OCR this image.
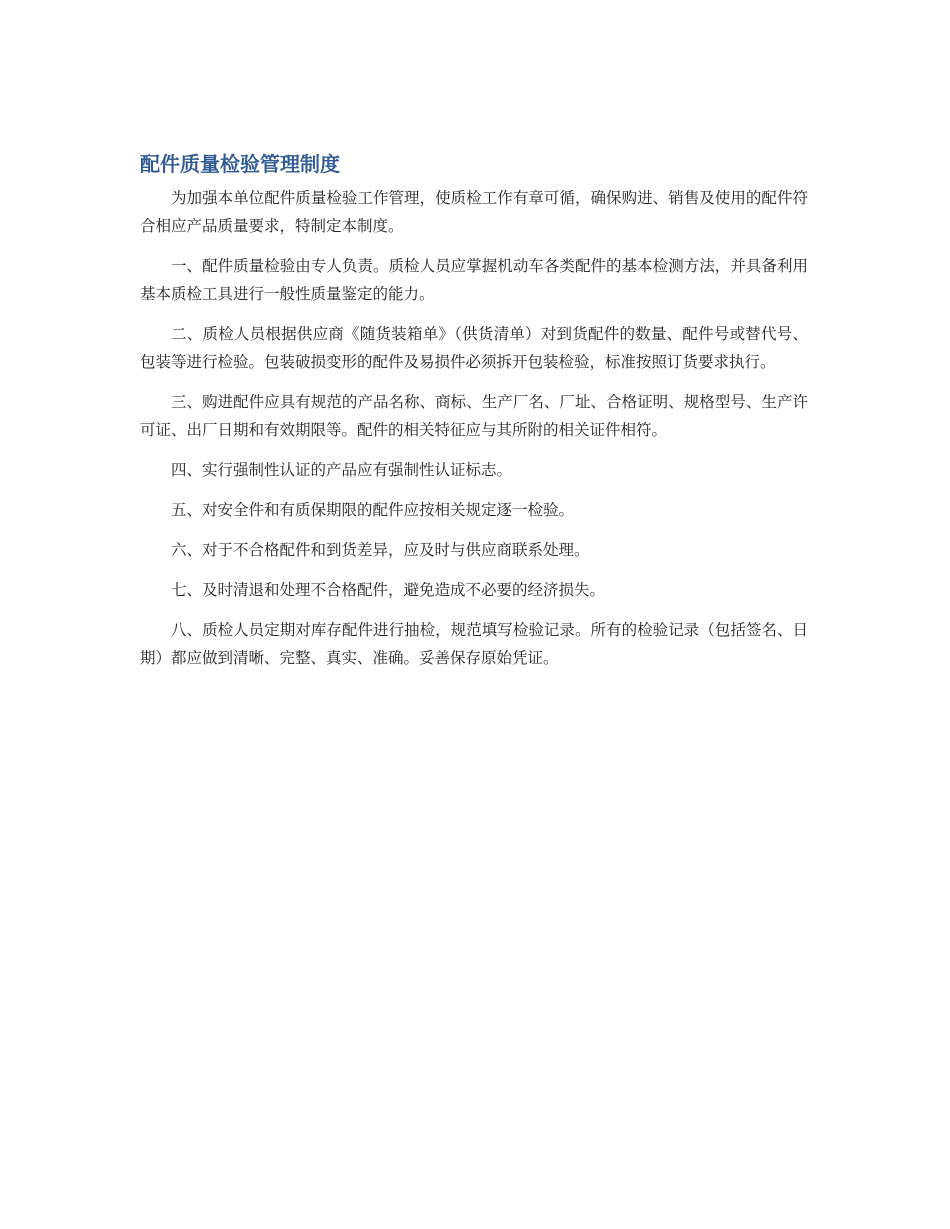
配件质量检验管理制度

为加强本单位配件质量检验工作管理，使质检工作有章可循，确保购进、销售及使用的配件符合相应产品质量要求，特制定本制度。

一、配件质量检验由专人负责。质检人员应掌握机动车各类配件的基本检测方法，并具备利用基本质检工具进行一般性质量鉴定的能力。

二、质检人员根据供应商《随货装箱单》（供货清单）对到货配件的数量、配件号或替代号、包装等进行检验。包装破损变形的配件及易损件必须拆开包装检验，标准按照订货要求执行。

三、购进配件应具有规范的产品名称、商标、生产厂名、厂址、合格证明、规格型号、生产许可证、出厂日期和有效期限等。配件的相关特征应与其所附的相关证件相符。

四、实行强制性认证的产品应有强制性认证标志。

五、对安全件和有质保期限的配件应按相关规定逐一检验。

六、对于不合格配件和到货差异，应及时与供应商联系处理。

七、及时清退和处理不合格配件，避免造成不必要的经济损失。

八、质检人员定期对库存配件进行抽检，规范填写检验记录。所有的检验记录（包括签名、日期）都应做到清晰、完整、真实、准确。妥善保存原始凭证。
